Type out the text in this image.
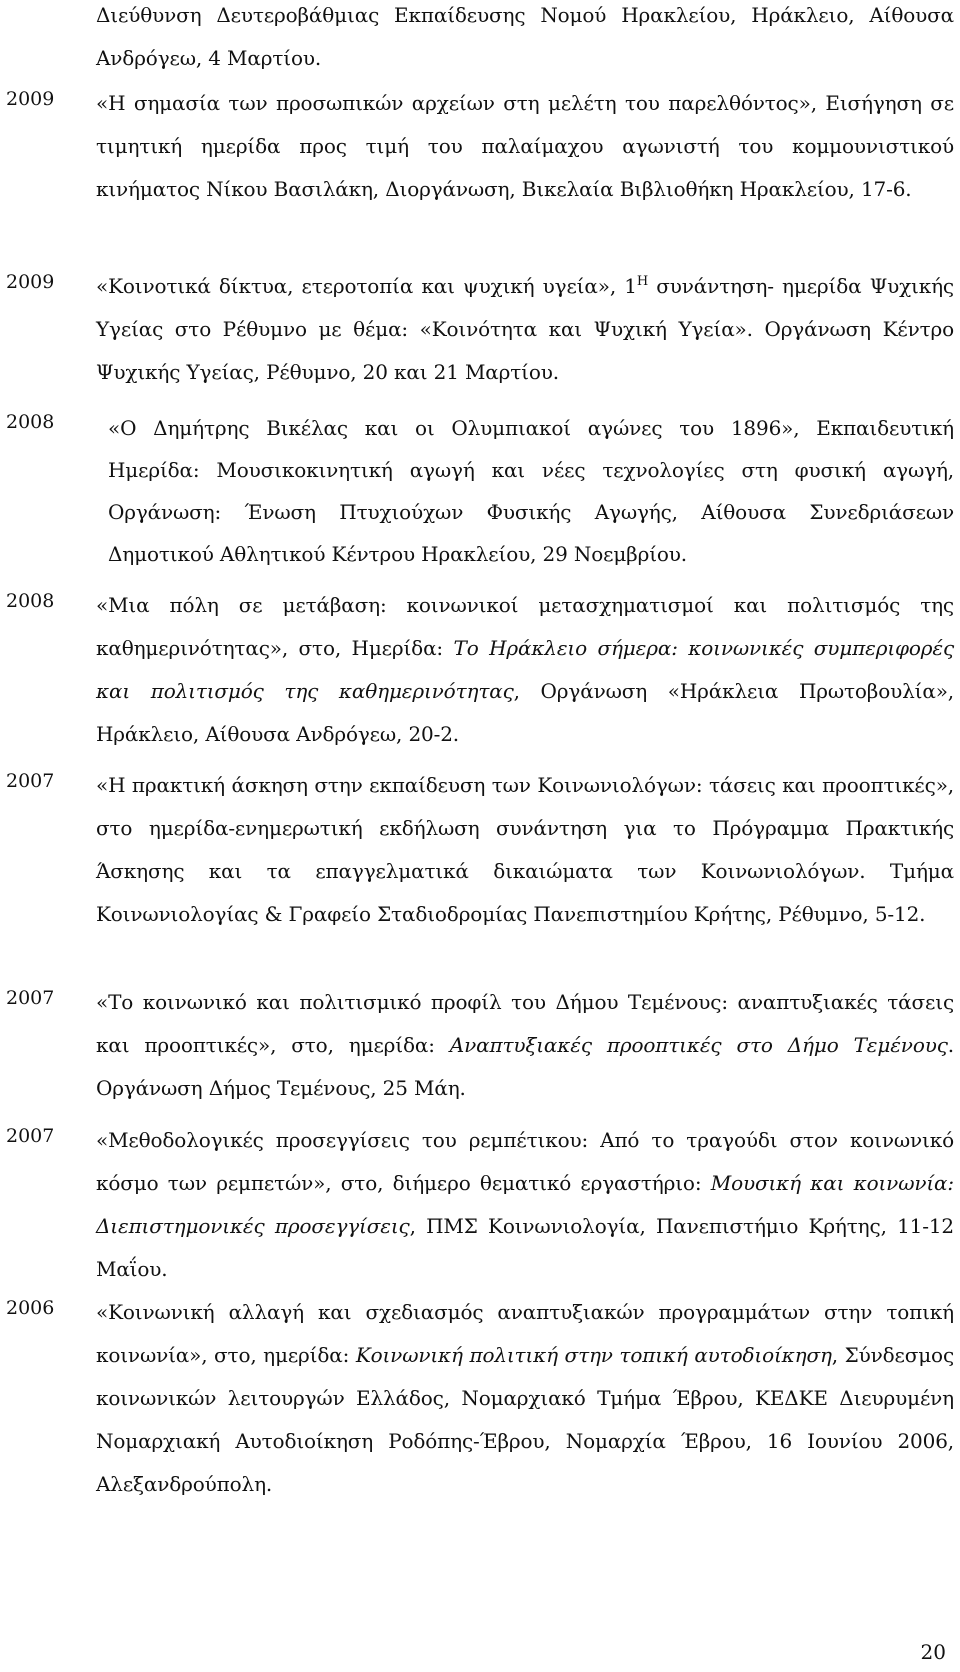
Διεύθυνση Δευτεροβάθμιας Εκπαίδευσης Νομού Ηρακλείου, Ηράκλειο, Αίθουσα Ανδρόγεω, 4 Μαρτίου.

2009 «Η σημασία των προσωπικών αρχείων στη μελέτη του παρελθόντος», Εισήγηση σε τιμητική ημερίδα προς τιμή του παλαίμαχου αγωνιστή του κομμουνιστικού κινήματος Νίκου Βασιλάκη, Διοργάνωση, Βικελαία Βιβλιοθήκη Ηρακλείου, 17-6.

2009 «Κοινοτικά δίκτυα, ετεροτοπία και ψυχική υγεία», $1^H$ συνάντηση- ημερίδα Ψυχικής Υγείας στο Ρέθυμνο με θέμα: «Κοινότητα και Ψυχική Υγεία». Οργάνωση Κέντρο Ψυχικής Υγείας, Ρέθυμνο, 20 και 21 Μαρτίου.

2008	«Ο Δημήτρης Βικέλας και οι Ολυμπιακοί αγώνες του 1896», Εκπαιδευτική Ημερίδα: Μουσικοκινητική αγωγή και νέες τεχνολογίες στη φυσική αγωγή, Οργάνωση: Ένωση Πτυχιούχων Φυσικής Αγωγής, Αίθουσα Συνεδριάσεων Δημοτικού Αθλητικού Κέντρου Ηρακλείου, 29 Νοεμβρίου.

2008 «Μια πόλη σε μετάβαση: κοινωνικοί μετασχηματισμοί και πολιτισμός της καθημερινότητας», στο, Ημερίδα: Το Ηράκλειο σήμερα: κοινωνικές συμπεριφορές και πολιτισμός της καθημερινότητας, Οργάνωση «Ηράκλεια Πρωτοβουλία», Ηράκλειο, Αίθουσα Ανδρόγεω, 20-2.

2007 «Η πρακτική άσκηση στην εκπαίδευση των Κοινωνιολόγων: τάσεις και προοπτικές», στο ημερίδα-ενημερωτική εκδήλωση συνάντηση για το Πρόγραμμα Πρακτικής Άσκησης και τα επαγγελματικά δικαιώματα των Κοινωνιολόγων. Τμήμα Κοινωνιολογίας & Γραφείο Σταδιοδρομίας Πανεπιστημίου Κρήτης, Ρέθυμνο, 5-12.

2007 «Το κοινωνικό και πολιτισμικό προφίλ του Δήμου Τεμένους: αναπτυξιακές τάσεις και προοπτικές», στο, ημερίδα: Αναπτυξιακές προοπτικές στο Δήμο Τεμένους. Οργάνωση Δήμος Τεμένους, 25 Μάη.

2007 «Μεθοδολογικές προσεγγίσεις του ρεμπέτικου: Από το τραγούδι στον κοινωνικό κόσμο των ρεμπετών», στο, διήμερο θεματικό εργαστήριο: Μουσική και κοινωνία: Διεπιστημονικές προσεγγίσεις, ΠΜΣ Κοινωνιολογία, Πανεπιστήμιο Κρήτης, 11-12 Μαΐου.

2006 «Κοινωνική αλλαγή και σχεδιασμός αναπτυξιακών προγραμμάτων στην τοπική κοινωνία», στο, ημερίδα: Κοινωνική πολιτική στην τοπική αυτοδιοίκηση, Σύνδεσμος κοινωνικών λειτουργών Ελλάδος, Νομαρχιακό Τμήμα Έβρου, ΚΕΔΚΕ Διευρυμένη Νομαρχιακή Αυτοδιοίκηση Ροδόπης-Έβρου, Νομαρχία Έβρου, 16 Ιουνίου 2006, Αλεξανδρούπολη.

20
